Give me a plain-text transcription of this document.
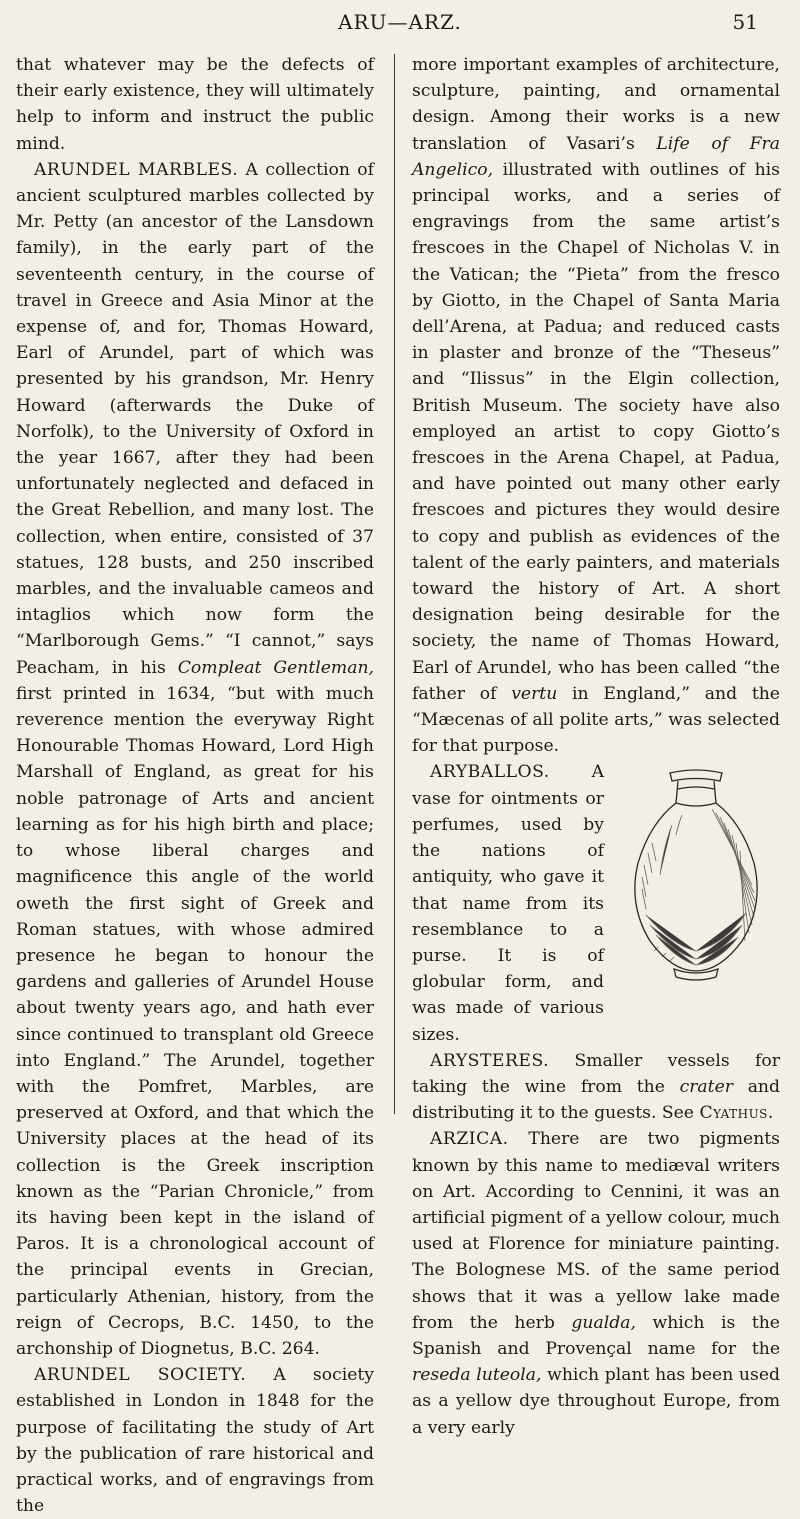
ARU—ARZ.	51

that whatever may be the defects of their early existence, they will ultimately help to inform and instruct the public mind.

ARUNDEL MARBLES. A collection of ancient sculptured marbles collected by Mr. Petty (an ancestor of the Lansdown family), in the early part of the seventeenth century, in the course of travel in Greece and Asia Minor at the expense of, and for, Thomas Howard, Earl of Arundel, part of which was presented by his grandson, Mr. Henry Howard (afterwards the Duke of Norfolk), to the University of Oxford in the year 1667, after they had been unfortunately neglected and defaced in the Great Rebellion, and many lost. The collection, when entire, consisted of 37 statues, 128 busts, and 250 inscribed marbles, and the invaluable cameos and intaglios which now form the “Marlborough Gems.” “I cannot,” says Peacham, in his Compleat Gentleman, first printed in 1634, “but with much reverence mention the everyway Right Honourable Thomas Howard, Lord High Marshall of England, as great for his noble patronage of Arts and ancient learning as for his high birth and place; to whose liberal charges and magnificence this angle of the world oweth the first sight of Greek and Roman statues, with whose admired presence he began to honour the gardens and galleries of Arundel House about twenty years ago, and hath ever since continued to transplant old Greece into England.” The Arundel, together with the Pomfret, Marbles, are preserved at Oxford, and that which the University places at the head of its collection is the Greek inscription known as the “Parian Chronicle,” from its having been kept in the island of Paros. It is a chronological account of the principal events in Grecian, particularly Athenian, history, from the reign of Cecrops, B.C. 1450, to the archonship of Diognetus, B.C. 264.

ARUNDEL SOCIETY. A society established in London in 1848 for the purpose of facilitating the study of Art by the publication of rare historical and practical works, and of engravings from the

more important examples of architecture, sculpture, painting, and ornamental design. Among their works is a new translation of Vasari’s Life of Fra Angelico, illustrated with outlines of his principal works, and a series of engravings from the same artist’s frescoes in the Chapel of Nicholas V. in the Vatican; the “Pieta” from the fresco by Giotto, in the Chapel of Santa Maria dell’Arena, at Padua; and reduced casts in plaster and bronze of the “Theseus” and “Ilissus” in the Elgin collection, British Museum. The society have also employed an artist to copy Giotto’s frescoes in the Arena Chapel, at Padua, and have pointed out many other early frescoes and pictures they would desire to copy and publish as evidences of the talent of the early painters, and materials toward the history of Art. A short designation being desirable for the society, the name of Thomas Howard, Earl of Arundel, who has been called “the father of vertu in England,” and the “Mæcenas of all polite arts,” was selected for that purpose.

ARYBALLOS. A vase for ointments or perfumes, used by the nations of antiquity, who gave it that name from its resemblance to a purse. It is of globular form, and was made of various sizes.

ARYSTERES. Smaller vessels for taking the wine from the crater and distributing it to the guests. See Cyathus.

ARZICA. There are two pigments known by this name to mediæval writers on Art. According to Cennini, it was an artificial pigment of a yellow colour, much used at Florence for miniature painting. The Bolognese MS. of the same period shows that it was a yellow lake made from the herb gualda, which is the Spanish and Provençal name for the reseda luteola, which plant has been used as a yellow dye throughout Europe, from a very early
